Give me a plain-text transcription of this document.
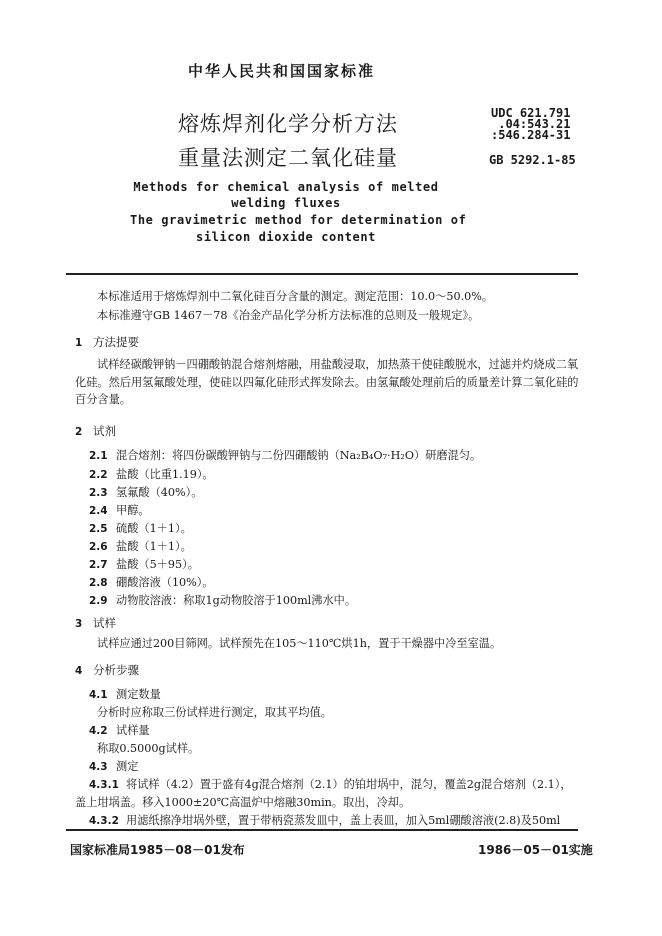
中华人民共和国国家标准
熔炼焊剂化学分析方法
重量法测定二氧化硅量
UDC 621.791
.04:543.21
:546.284-31
GB 5292.1-85
Methods for chemical analysis of melted
welding fluxes
The gravimetric method for determination of
silicon dioxide content
本标准适用于熔炼焊剂中二氧化硅百分含量的测定。测定范围：10.0～50.0%。
本标准遵守GB 1467－78《冶金产品化学分析方法标准的总则及一般规定》。
1 方法提要
试样经碳酸钾钠－四硼酸钠混合熔剂熔融，用盐酸浸取，加热蒸干使硅酸脱水，过滤并灼烧成二氧化硅。然后用氢氟酸处理，使硅以四氟化硅形式挥发除去。由氢氟酸处理前后的质量差计算二氧化硅的百分含量。
2 试剂
2.1 混合熔剂：将四份碳酸钾钠与二份四硼酸钠（Na₂B₄O₇·H₂O）研磨混匀。
2.2 盐酸（比重1.19）。
2.3 氢氟酸（40%）。
2.4 甲醇。
2.5 硫酸（1＋1）。
2.6 盐酸（1＋1）。
2.7 盐酸（5＋95）。
2.8 硼酸溶液（10%）。
2.9 动物胶溶液：称取1g动物胶溶于100ml沸水中。
3 试样
试样应通过200目筛网。试样预先在105～110℃烘1h，置于干燥器中冷至室温。
4 分析步骤
4.1 测定数量
分析时应称取三份试样进行测定，取其平均值。
4.2 试样量
称取0.5000g试样。
4.3 测定
4.3.1 将试样（4.2）置于盛有4g混合熔剂（2.1）的铂坩埚中，混匀，覆盖2g混合熔剂（2.1），
盖上坩埚盖。移入1000±20℃高温炉中熔融30min。取出，冷却。
4.3.2 用滤纸擦净坩埚外壁，置于带柄瓷蒸发皿中，盖上表皿，加入5ml硼酸溶液(2.8)及50ml
国家标准局1985－08－01发布	1986－05－01实施
